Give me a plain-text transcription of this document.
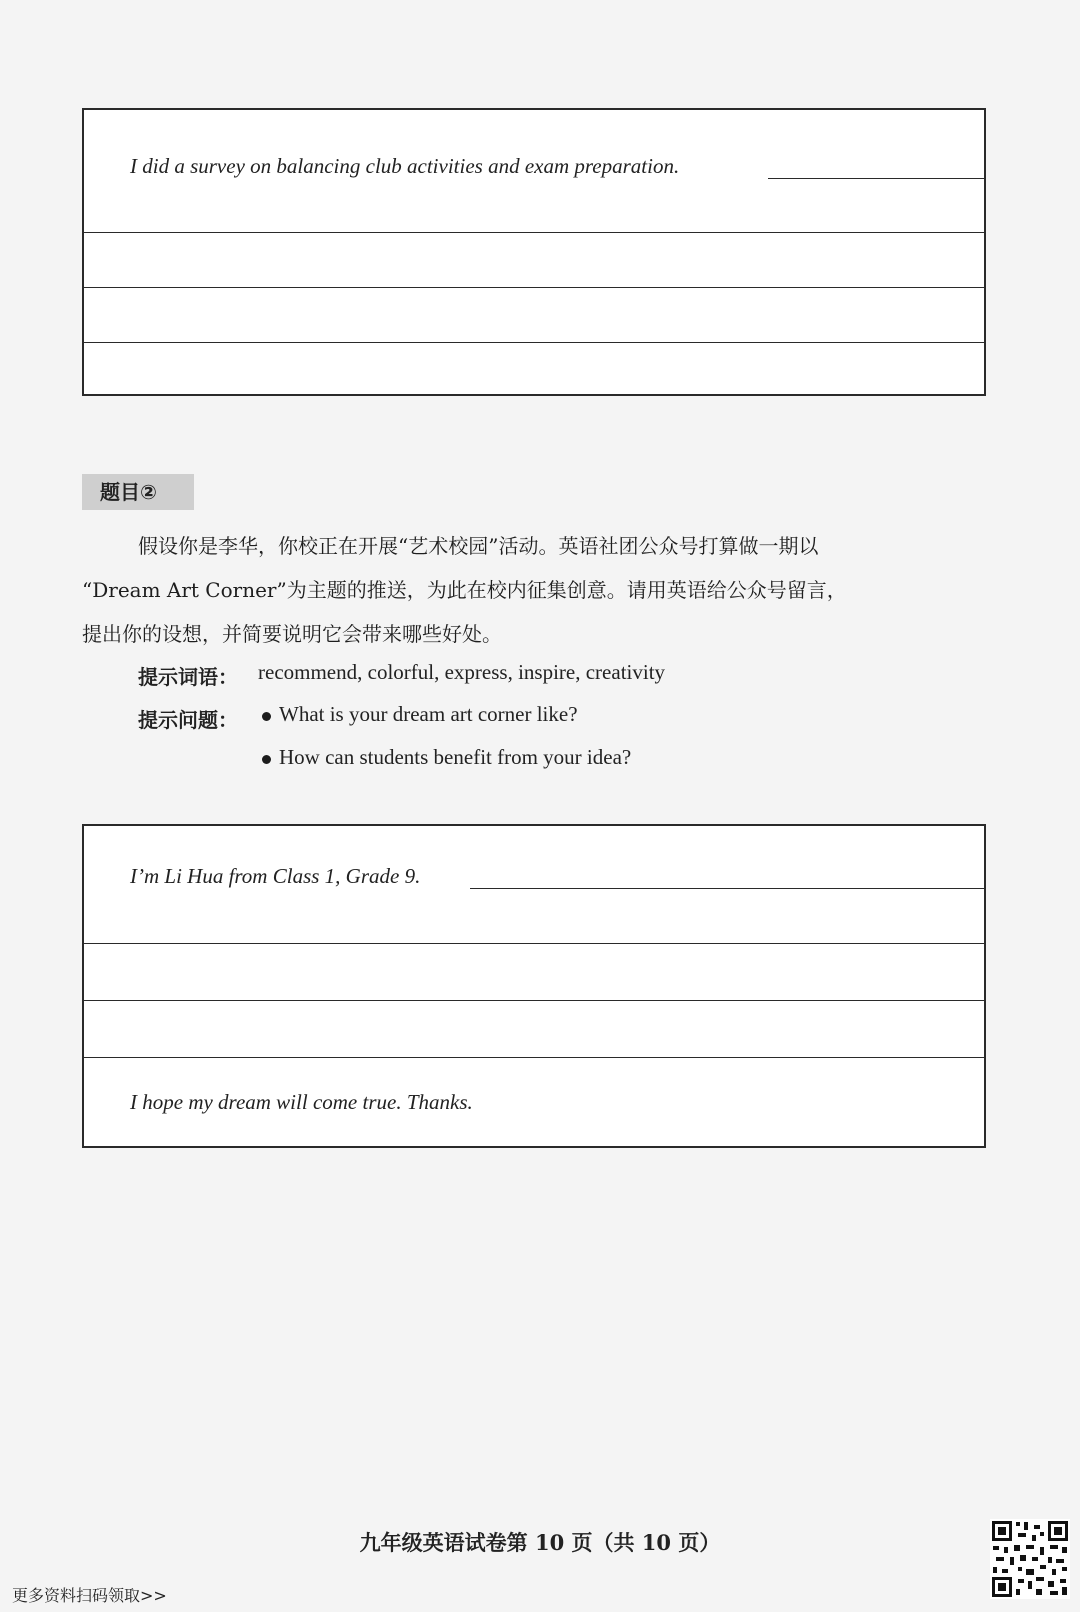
I did a survey on balancing club activities and exam preparation.
题目②
假设你是李华，你校正在开展“艺术校园”活动。英语社团公众号打算做一期以
“Dream Art Corner”为主题的推送，为此在校内征集创意。请用英语给公众号留言，
提出你的设想，并简要说明它会带来哪些好处。
提示词语： recommend, colorful, express, inspire, creativity
提示问题： What is your dream art corner like?
How can students benefit from your idea?
I’m Li Hua from Class 1, Grade 9.
I hope my dream will come true. Thanks.
九年级英语试卷第 10 页（共 10 页）
更多资料扫码领取>>
